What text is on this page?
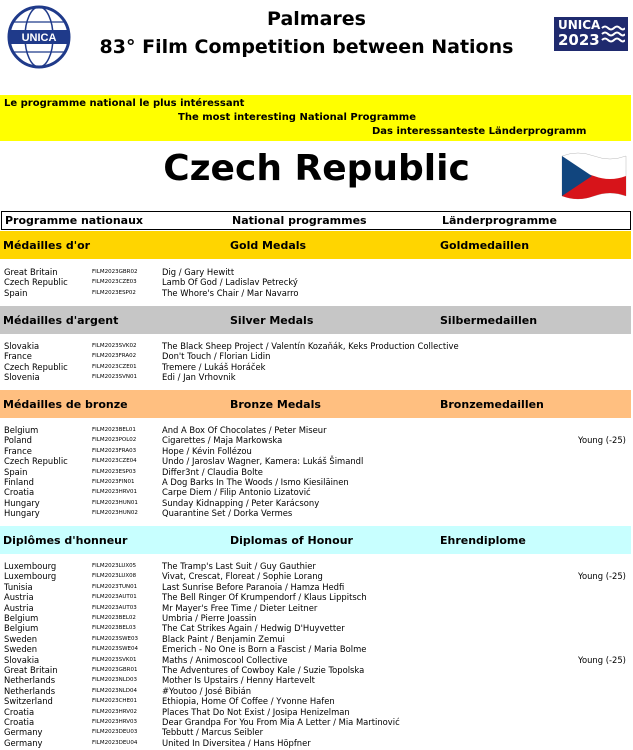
UNICA
Palmares
83° Film Competition between Nations
UNICA
2023
Le programme national le plus intéressant
The most interesting National Programme
Das interessanteste Länderprogramm
Czech Republic
Programme nationaux	National programmes	Länderprogramme
Médailles d'or	Gold Medals	Goldmedaillen
Great Britain	FILM2023GBR02	Dig / Gary Hewitt
Czech Republic	FILM2023CZE03	Lamb Of God / Ladislav Petrecký
Spain	FILM2023ESP02	The Whore's Chair / Mar Navarro
Médailles d'argent	Silver Medals	Silbermedaillen
Slovakia	FILM2023SVK02	The Black Sheep Project / Valentín Kozaňák, Keks Production Collective
France	FILM2023FRA02	Don't Touch / Florian Lidin
Czech Republic	FILM2023CZE01	Tremere / Lukáš Horáček
Slovenia	FILM2023SVN01	Edi / Jan Vrhovnik
Médailles de bronze	Bronze Medals	Bronzemedaillen
Belgium	FILM2023BEL01	And A Box Of Chocolates / Peter Miseur
Poland	FILM2023POL02	Cigarettes / Maja Markowska	Young (-25)
France	FILM2023FRA03	Hope / Kévin Follézou
Czech Republic	FILM2023CZE04	Undo / Jaroslav Wagner, Kamera: Lukáš Šimandl
Spain	FILM2023ESP03	Differ3nt / Claudia Bolte
Finland	FILM2023FIN01	A Dog Barks In The Woods / Ismo Kiesiläinen
Croatia	FILM2023HRV01	Carpe Diem / Filip Antonio Lizatović
Hungary	FILM2023HUN01	Sunday Kidnapping / Peter Karácsony
Hungary	FILM2023HUN02	Quarantine Set / Dorka Vermes
Diplômes d'honneur	Diplomas of Honour	Ehrendiplome
Luxembourg	FILM2023LUX05	The Tramp's Last Suit / Guy Gauthier
Luxembourg	FILM2023LUX08	Vivat, Crescat, Floreat / Sophie Lorang	Young (-25)
Tunisia	FILM2023TUN01	Last Sunrise Before Paranoia / Hamza Hedfi
Austria	FILM2023AUT01	The Bell Ringer Of Krumpendorf / Klaus Lippitsch
Austria	FILM2023AUT03	Mr Mayer's Free Time / Dieter Leitner
Belgium	FILM2023BEL02	Umbria / Pierre Joassin
Belgium	FILM2023BEL03	The Cat Strikes Again / Hedwig D'Huyvetter
Sweden	FILM2023SWE03	Black Paint / Benjamin Zemui
Sweden	FILM2023SWE04	Emerich - No One is Born a Fascist / Maria Bolme
Slovakia	FILM2023SVK01	Maths / Animoscool Collective	Young (-25)
Great Britain	FILM2023GBR01	The Adventures of Cowboy Kale / Suzie Topolska
Netherlands	FILM2023NLD03	Mother Is Upstairs / Henny Hartevelt
Netherlands	FILM2023NLD04	#Youtoo / José Bibián
Switzerland	FILM2023CHE01	Ethiopia, Home Of Coffee / Yvonne Hafen
Croatia	FILM2023HRV02	Places That Do Not Exist / Josipa Henizelman
Croatia	FILM2023HRV03	Dear Grandpa For You From Mia A Letter / Mia Martinović
Germany	FILM2023DEU03	Tebbutt / Marcus Seibler
Germany	FILM2023DEU04	United In Diversitea / Hans Höpfner
